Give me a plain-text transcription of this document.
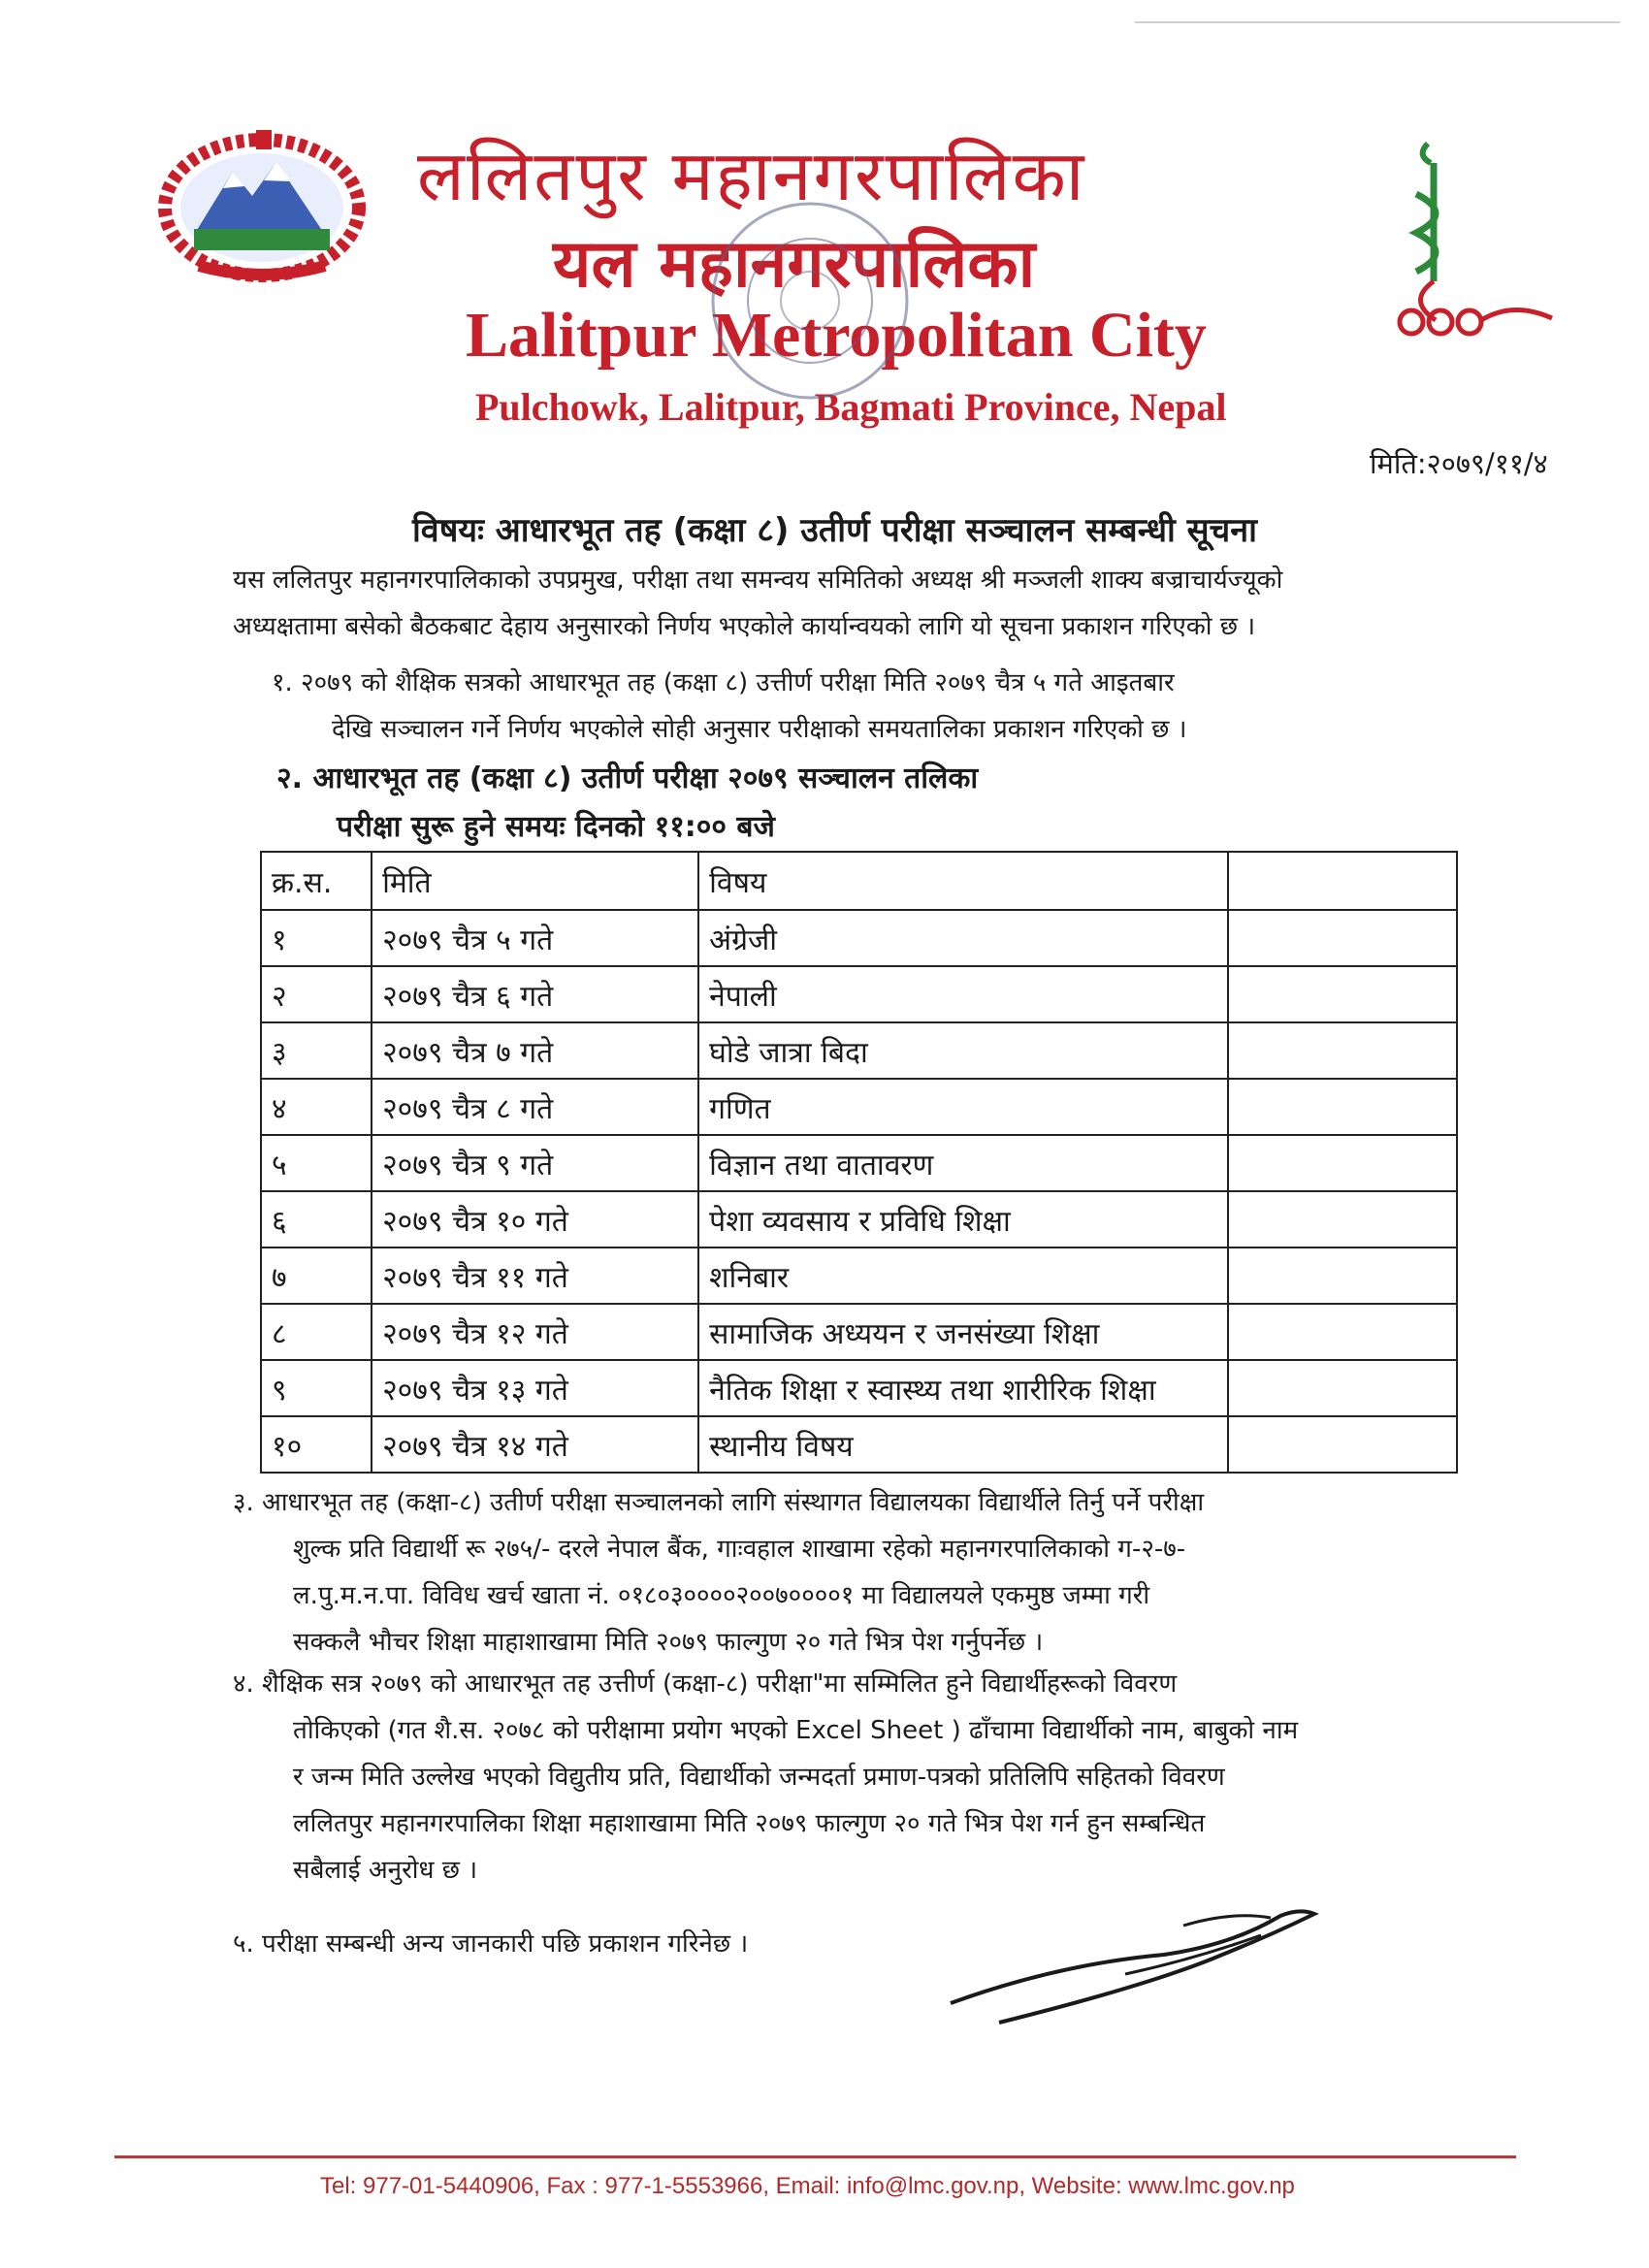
ललितपुर महानगरपालिका
यल महानगरपालिका
Lalitpur Metropolitan City
Pulchowk, Lalitpur, Bagmati Province, Nepal
मिति:२०७९/११/४
विषयः आधारभूत तह (कक्षा ८) उतीर्ण परीक्षा सञ्चालन सम्बन्धी सूचना
यस ललितपुर महानगरपालिकाको उपप्रमुख, परीक्षा तथा समन्वय समितिको अध्यक्ष श्री मञ्जली शाक्य बज्राचार्यज्यूको
अध्यक्षतामा बसेको बैठकबाट देहाय अनुसारको निर्णय भएकोले कार्यान्वयको लागि यो सूचना प्रकाशन गरिएको छ ।
१. २०७९ को शैक्षिक सत्रको आधारभूत तह (कक्षा ८) उत्तीर्ण परीक्षा मिति २०७९ चैत्र ५ गते आइतबार
देखि सञ्चालन गर्ने निर्णय भएकोले सोही अनुसार परीक्षाको समयतालिका प्रकाशन गरिएको छ ।
२. आधारभूत तह (कक्षा ८) उतीर्ण परीक्षा २०७९ सञ्चालन तलिका
परीक्षा सुरू हुने समयः दिनको ११:०० बजे
क्र.स.	मिति	विषय	
१	२०७९ चैत्र ५ गते	अंग्रेजी	
२	२०७९ चैत्र ६ गते	नेपाली	
३	२०७९ चैत्र ७ गते	घोडे जात्रा बिदा	
४	२०७९ चैत्र ८ गते	गणित	
५	२०७९ चैत्र ९ गते	विज्ञान तथा वातावरण	
६	२०७९ चैत्र १० गते	पेशा व्यवसाय र प्रविधि शिक्षा	
७	२०७९ चैत्र ११ गते	शनिबार	
८	२०७९ चैत्र १२ गते	सामाजिक अध्ययन र जनसंख्या शिक्षा	
९	२०७९ चैत्र १३ गते	नैतिक शिक्षा र स्वास्थ्य तथा शारीरिक शिक्षा	
१०	२०७९ चैत्र १४ गते	स्थानीय विषय	
३. आधारभूत तह (कक्षा-८) उतीर्ण परीक्षा सञ्चालनको लागि संस्थागत विद्यालयका विद्यार्थीले तिर्नु पर्ने परीक्षा
शुल्क प्रति विद्यार्थी रू २७५/- दरले नेपाल बैंक, गाःवहाल शाखामा रहेको महानगरपालिकाको ग-२-७-
ल.पु.म.न.पा. विविध खर्च खाता नं. ०१८०३००००२००७००००१ मा विद्यालयले एकमुष्ठ जम्मा गरी
सक्कलै भौचर शिक्षा माहाशाखामा मिति २०७९ फाल्गुण २० गते भित्र पेश गर्नुपर्नेछ ।
४. शैक्षिक सत्र २०७९ को आधारभूत तह उत्तीर्ण (कक्षा-८) परीक्षा"मा सम्मिलित हुने विद्यार्थीहरूको विवरण
तोकिएको (गत शै.स. २०७८ को परीक्षामा प्रयोग भएको Excel Sheet ) ढाँचामा विद्यार्थीको नाम, बाबुको नाम
र जन्म मिति उल्लेख भएको विद्युतीय प्रति, विद्यार्थीको जन्मदर्ता प्रमाण-पत्रको प्रतिलिपि सहितको विवरण
ललितपुर महानगरपालिका शिक्षा महाशाखामा मिति २०७९ फाल्गुण २० गते भित्र पेश गर्न हुन सम्बन्धित
सबैलाई अनुरोध छ ।
५. परीक्षा सम्बन्धी अन्य जानकारी पछि प्रकाशन गरिनेछ ।
Tel: 977-01-5440906, Fax : 977-1-5553966, Email: info@lmc.gov.np, Website: www.lmc.gov.np
